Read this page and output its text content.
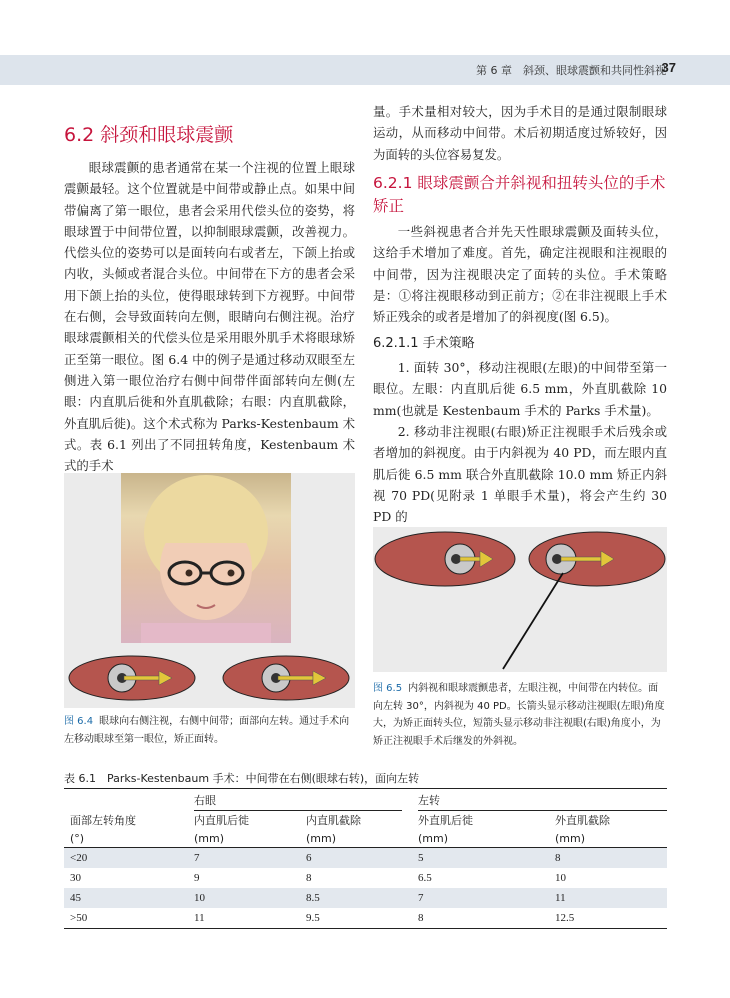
第 6 章　斜颈、眼球震颤和共同性斜视
37
6.2 斜颈和眼球震颤

眼球震颤的患者通常在某一个注视的位置上眼球震颤最轻。这个位置就是中间带或静止点。如果中间带偏离了第一眼位，患者会采用代偿头位的姿势，将眼球置于中间带位置，以抑制眼球震颤，改善视力。代偿头位的姿势可以是面转向右或者左，下颌上抬或内收，头倾或者混合头位。中间带在下方的患者会采用下颌上抬的头位，使得眼球转到下方视野。中间带在右侧，会导致面转向左侧，眼睛向右侧注视。治疗眼球震颤相关的代偿头位是采用眼外肌手术将眼球矫正至第一眼位。图 6.4 中的例子是通过移动双眼至左侧进入第一眼位治疗右侧中间带伴面部转向左侧(左眼：内直肌后徙和外直肌截除；右眼：内直肌截除，外直肌后徙)。这个术式称为 Parks-Kestenbaum 术式。表 6.1 列出了不同扭转角度，Kestenbaum 术式的手术

图 6.4 眼球向右侧注视，右侧中间带；面部向左转。通过手术向左移动眼球至第一眼位，矫正面转。

量。手术量相对较大，因为手术目的是通过限制眼球运动，从而移动中间带。术后初期适度过矫较好，因为面转的头位容易复发。

6.2.1 眼球震颤合并斜视和扭转头位的手术矫正

一些斜视患者合并先天性眼球震颤及面转头位，这给手术增加了难度。首先，确定注视眼和注视眼的中间带，因为注视眼决定了面转的头位。手术策略是：①将注视眼移动到正前方；②在非注视眼上手术矫正残余的或者是增加了的斜视度(图 6.5)。

6.2.1.1 手术策略

1. 面转 30°，移动注视眼(左眼)的中间带至第一眼位。左眼：内直肌后徙 6.5 mm，外直肌截除 10 mm(也就是 Kestenbaum 手术的 Parks 手术量)。

2. 移动非注视眼(右眼)矫正注视眼手术后残余或者增加的斜视度。由于内斜视为 40 PD，而左眼内直肌后徙 6.5 mm 联合外直肌截除 10.0 mm 矫正内斜视 70 PD(见附录 1 单眼手术量)，将会产生约 30 PD 的

图 6.5 内斜视和眼球震颤患者，左眼注视，中间带在内转位。面向左转 30°，内斜视为 40 PD。长箭头显示移动注视眼(左眼)角度大，为矫正面转头位，短箭头显示移动非注视眼(右眼)角度小，为矫正注视眼手术后继发的外斜视。

表 6.1　Parks-Kestenbaum 手术：中间带在右侧(眼球右转)，面向左转
	右眼		左转	
面部左转角度	内直肌后徙	内直肌截除	外直肌后徙	外直肌截除
(°)	(mm)	(mm)	(mm)	(mm)
<20	7	6	5	8
30	9	8	6.5	10
45	10	8.5	7	11
>50	11	9.5	8	12.5
